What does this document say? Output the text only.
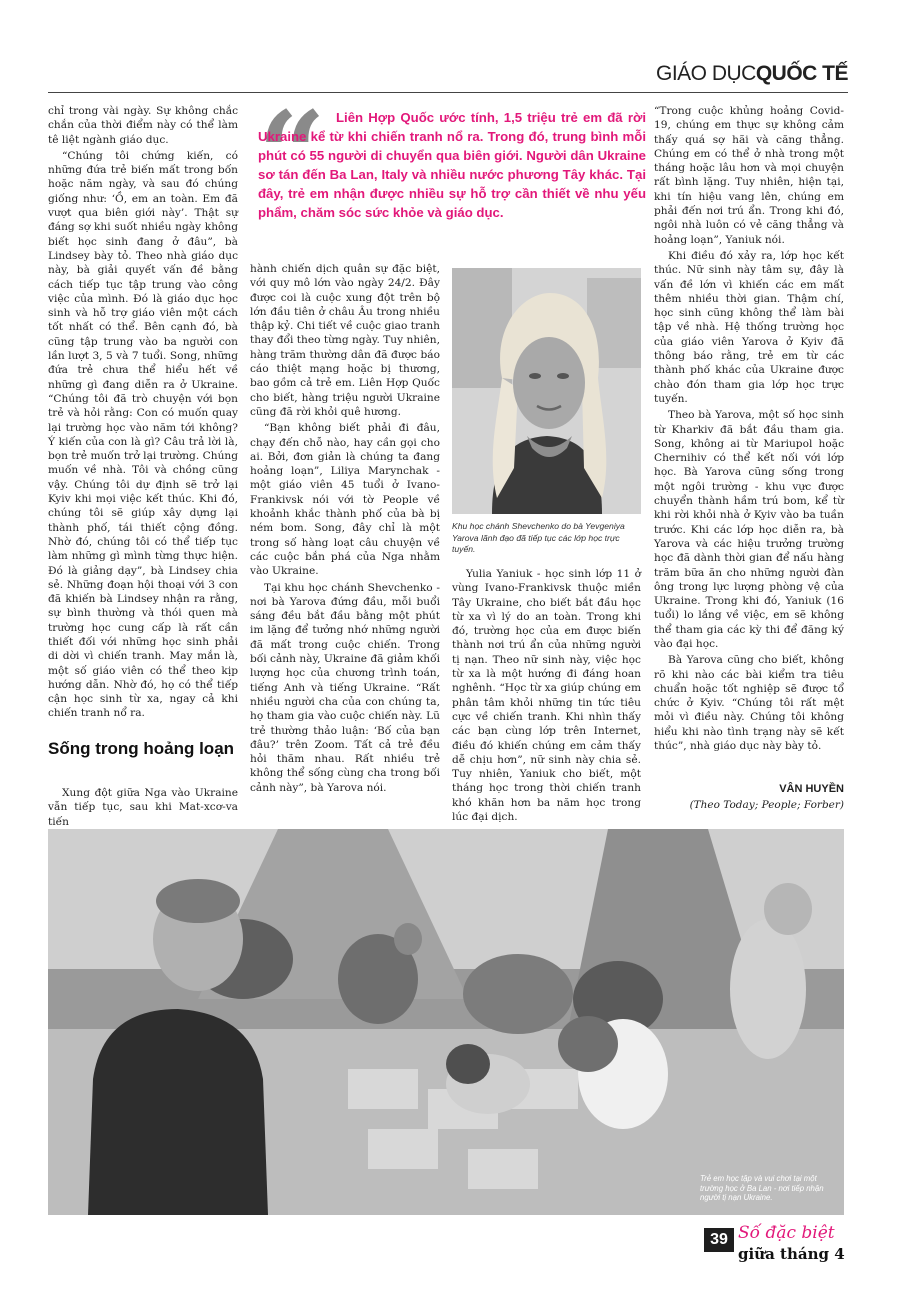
GIÁO DỤCQUỐC TẾ

chỉ trong vài ngày. Sự không chắc chắn của thời điểm này có thể làm tê liệt ngành giáo dục.

“Chúng tôi chứng kiến, có những đứa trẻ biến mất trong bốn hoặc năm ngày, và sau đó chúng giống như: ‘Ồ, em an toàn. Em đã vượt qua biên giới này’. Thật sự đáng sợ khi suốt nhiều ngày không biết học sinh đang ở đâu”, bà Lindsey bày tỏ. Theo nhà giáo dục này, bà giải quyết vấn đề bằng cách tiếp tục tập trung vào công việc của mình. Đó là giáo dục học sinh và hỗ trợ giáo viên một cách tốt nhất có thể. Bên cạnh đó, bà cũng tập trung vào ba người con lần lượt 3, 5 và 7 tuổi. Song, những đứa trẻ chưa thể hiểu hết về những gì đang diễn ra ở Ukraine. “Chúng tôi đã trò chuyện với bọn trẻ và hỏi rằng: Con có muốn quay lại trường học vào năm tới không? Ý kiến của con là gì? Câu trả lời là, bọn trẻ muốn trở lại trường. Chúng muốn về nhà. Tôi và chồng cũng vậy. Chúng tôi dự định sẽ trở lại Kyiv khi mọi việc kết thúc. Khi đó, chúng tôi sẽ giúp xây dựng lại thành phố, tái thiết cộng đồng. Nhờ đó, chúng tôi có thể tiếp tục làm những gì mình từng thực hiện. Đó là giảng dạy”, bà Lindsey chia sẻ. Những đoạn hội thoại với 3 con đã khiến bà Lindsey nhận ra rằng, sự bình thường và thói quen mà trường học cung cấp là rất cần thiết đối với những học sinh phải di dời vì chiến tranh. May mắn là, một số giáo viên có thể theo kịp hướng dẫn. Nhờ đó, họ có thể tiếp cận học sinh từ xa, ngay cả khi chiến tranh nổ ra.

Sống trong hoảng loạn

Xung đột giữa Nga vào Ukraine vẫn tiếp tục, sau khi Mat-xcơ-va tiến

“ Liên Hợp Quốc ước tính, 1,5 triệu trẻ em đã rời Ukraine kể từ khi chiến tranh nổ ra. Trong đó, trung bình mỗi phút có 55 người di chuyển qua biên giới. Người dân Ukraine sơ tán đến Ba Lan, Italy và nhiều nước phương Tây khác. Tại đây, trẻ em nhận được nhiều sự hỗ trợ cần thiết về nhu yếu phẩm, chăm sóc sức khỏe và giáo dục.

hành chiến dịch quân sự đặc biệt, với quy mô lớn vào ngày 24/2. Đây được coi là cuộc xung đột trên bộ lớn đầu tiên ở châu Âu trong nhiều thập kỷ. Chi tiết về cuộc giao tranh thay đổi theo từng ngày. Tuy nhiên, hàng trăm thường dân đã được báo cáo thiệt mạng hoặc bị thương, bao gồm cả trẻ em. Liên Hợp Quốc cho biết, hàng triệu người Ukraine cũng đã rời khỏi quê hương.

“Bạn không biết phải đi đâu, chạy đến chỗ nào, hay cần gọi cho ai. Bởi, đơn giản là chúng ta đang hoảng loạn”, Liliya Marynchak - một giáo viên 45 tuổi ở Ivano-Frankivsk nói với tờ People về khoảnh khắc thành phố của bà bị ném bom. Song, đây chỉ là một trong số hàng loạt câu chuyện về các cuộc bắn phá của Nga nhằm vào Ukraine.

Tại khu học chánh Shevchenko - nơi bà Yarova đứng đầu, mỗi buổi sáng đều bắt đầu bằng một phút im lặng để tưởng nhớ những người đã mất trong cuộc chiến. Trong bối cảnh này, Ukraine đã giảm khối lượng học của chương trình toán, tiếng Anh và tiếng Ukraine. “Rất nhiều người cha của con chúng ta, họ tham gia vào cuộc chiến này. Lũ trẻ thường thảo luận: ‘Bố của bạn đâu?’ trên Zoom. Tất cả trẻ đều hỏi thăm nhau. Rất nhiều trẻ không thể sống cùng cha trong bối cảnh này”, bà Yarova nói.

Khu học chánh Shevchenko do bà Yevgeniya Yarova lãnh đạo đã tiếp tục các lớp học trực tuyến.

Yulia Yaniuk - học sinh lớp 11 ở vùng Ivano-Frankivsk thuộc miền Tây Ukraine, cho biết bắt đầu học từ xa vì lý do an toàn. Trong khi đó, trường học của em được biến thành nơi trú ẩn của những người tị nạn. Theo nữ sinh này, việc học từ xa là một hướng đi đáng hoan nghênh. “Học từ xa giúp chúng em phân tâm khỏi những tin tức tiêu cực về chiến tranh. Khi nhìn thấy các bạn cùng lớp trên Internet, điều đó khiến chúng em cảm thấy dễ chịu hơn”, nữ sinh này chia sẻ. Tuy nhiên, Yaniuk cho biết, một tháng học trong thời chiến tranh khó khăn hơn ba năm học trong lúc đại dịch.

“Trong cuộc khủng hoảng Covid-19, chúng em thực sự không cảm thấy quá sợ hãi và căng thẳng. Chúng em có thể ở nhà trong một tháng hoặc lâu hơn và mọi chuyện rất bình lặng. Tuy nhiên, hiện tại, khi tín hiệu vang lên, chúng em phải đến nơi trú ẩn. Trong khi đó, ngôi nhà luôn có vẻ căng thẳng và hoảng loạn”, Yaniuk nói.

Khi điều đó xảy ra, lớp học kết thúc. Nữ sinh này tâm sự, đây là vấn đề lớn vì khiến các em mất thêm nhiều thời gian. Thậm chí, học sinh cũng không thể làm bài tập về nhà. Hệ thống trường học của giáo viên Yarova ở Kyiv đã thông báo rằng, trẻ em từ các thành phố khác của Ukraine được chào đón tham gia lớp học trực tuyến.

Theo bà Yarova, một số học sinh từ Kharkiv đã bắt đầu tham gia. Song, không ai từ Mariupol hoặc Chernihiv có thể kết nối với lớp học. Bà Yarova cũng sống trong một ngôi trường - khu vực được chuyển thành hầm trú bom, kể từ khi rời khỏi nhà ở Kyiv vào ba tuần trước. Khi các lớp học diễn ra, bà Yarova và các hiệu trưởng trường học đã dành thời gian để nấu hàng trăm bữa ăn cho những người đàn ông trong lực lượng phòng vệ của Ukraine. Trong khi đó, Yaniuk (16 tuổi) lo lắng về việc, em sẽ không thể tham gia các kỳ thi để đăng ký vào đại học.

Bà Yarova cũng cho biết, không rõ khi nào các bài kiểm tra tiêu chuẩn hoặc tốt nghiệp sẽ được tổ chức ở Kyiv. “Chúng tôi rất mệt mỏi vì điều này. Chúng tôi không hiểu khi nào tình trạng này sẽ kết thúc”, nhà giáo dục này bày tỏ.

VÂN HUYỀN
(Theo Today; People; Forber)
Trẻ em học tập và vui chơi tại một trường học ở Ba Lan - nơi tiếp nhận người tị nạn Ukraine.
39 Số đặc biệt
giữa tháng 4
